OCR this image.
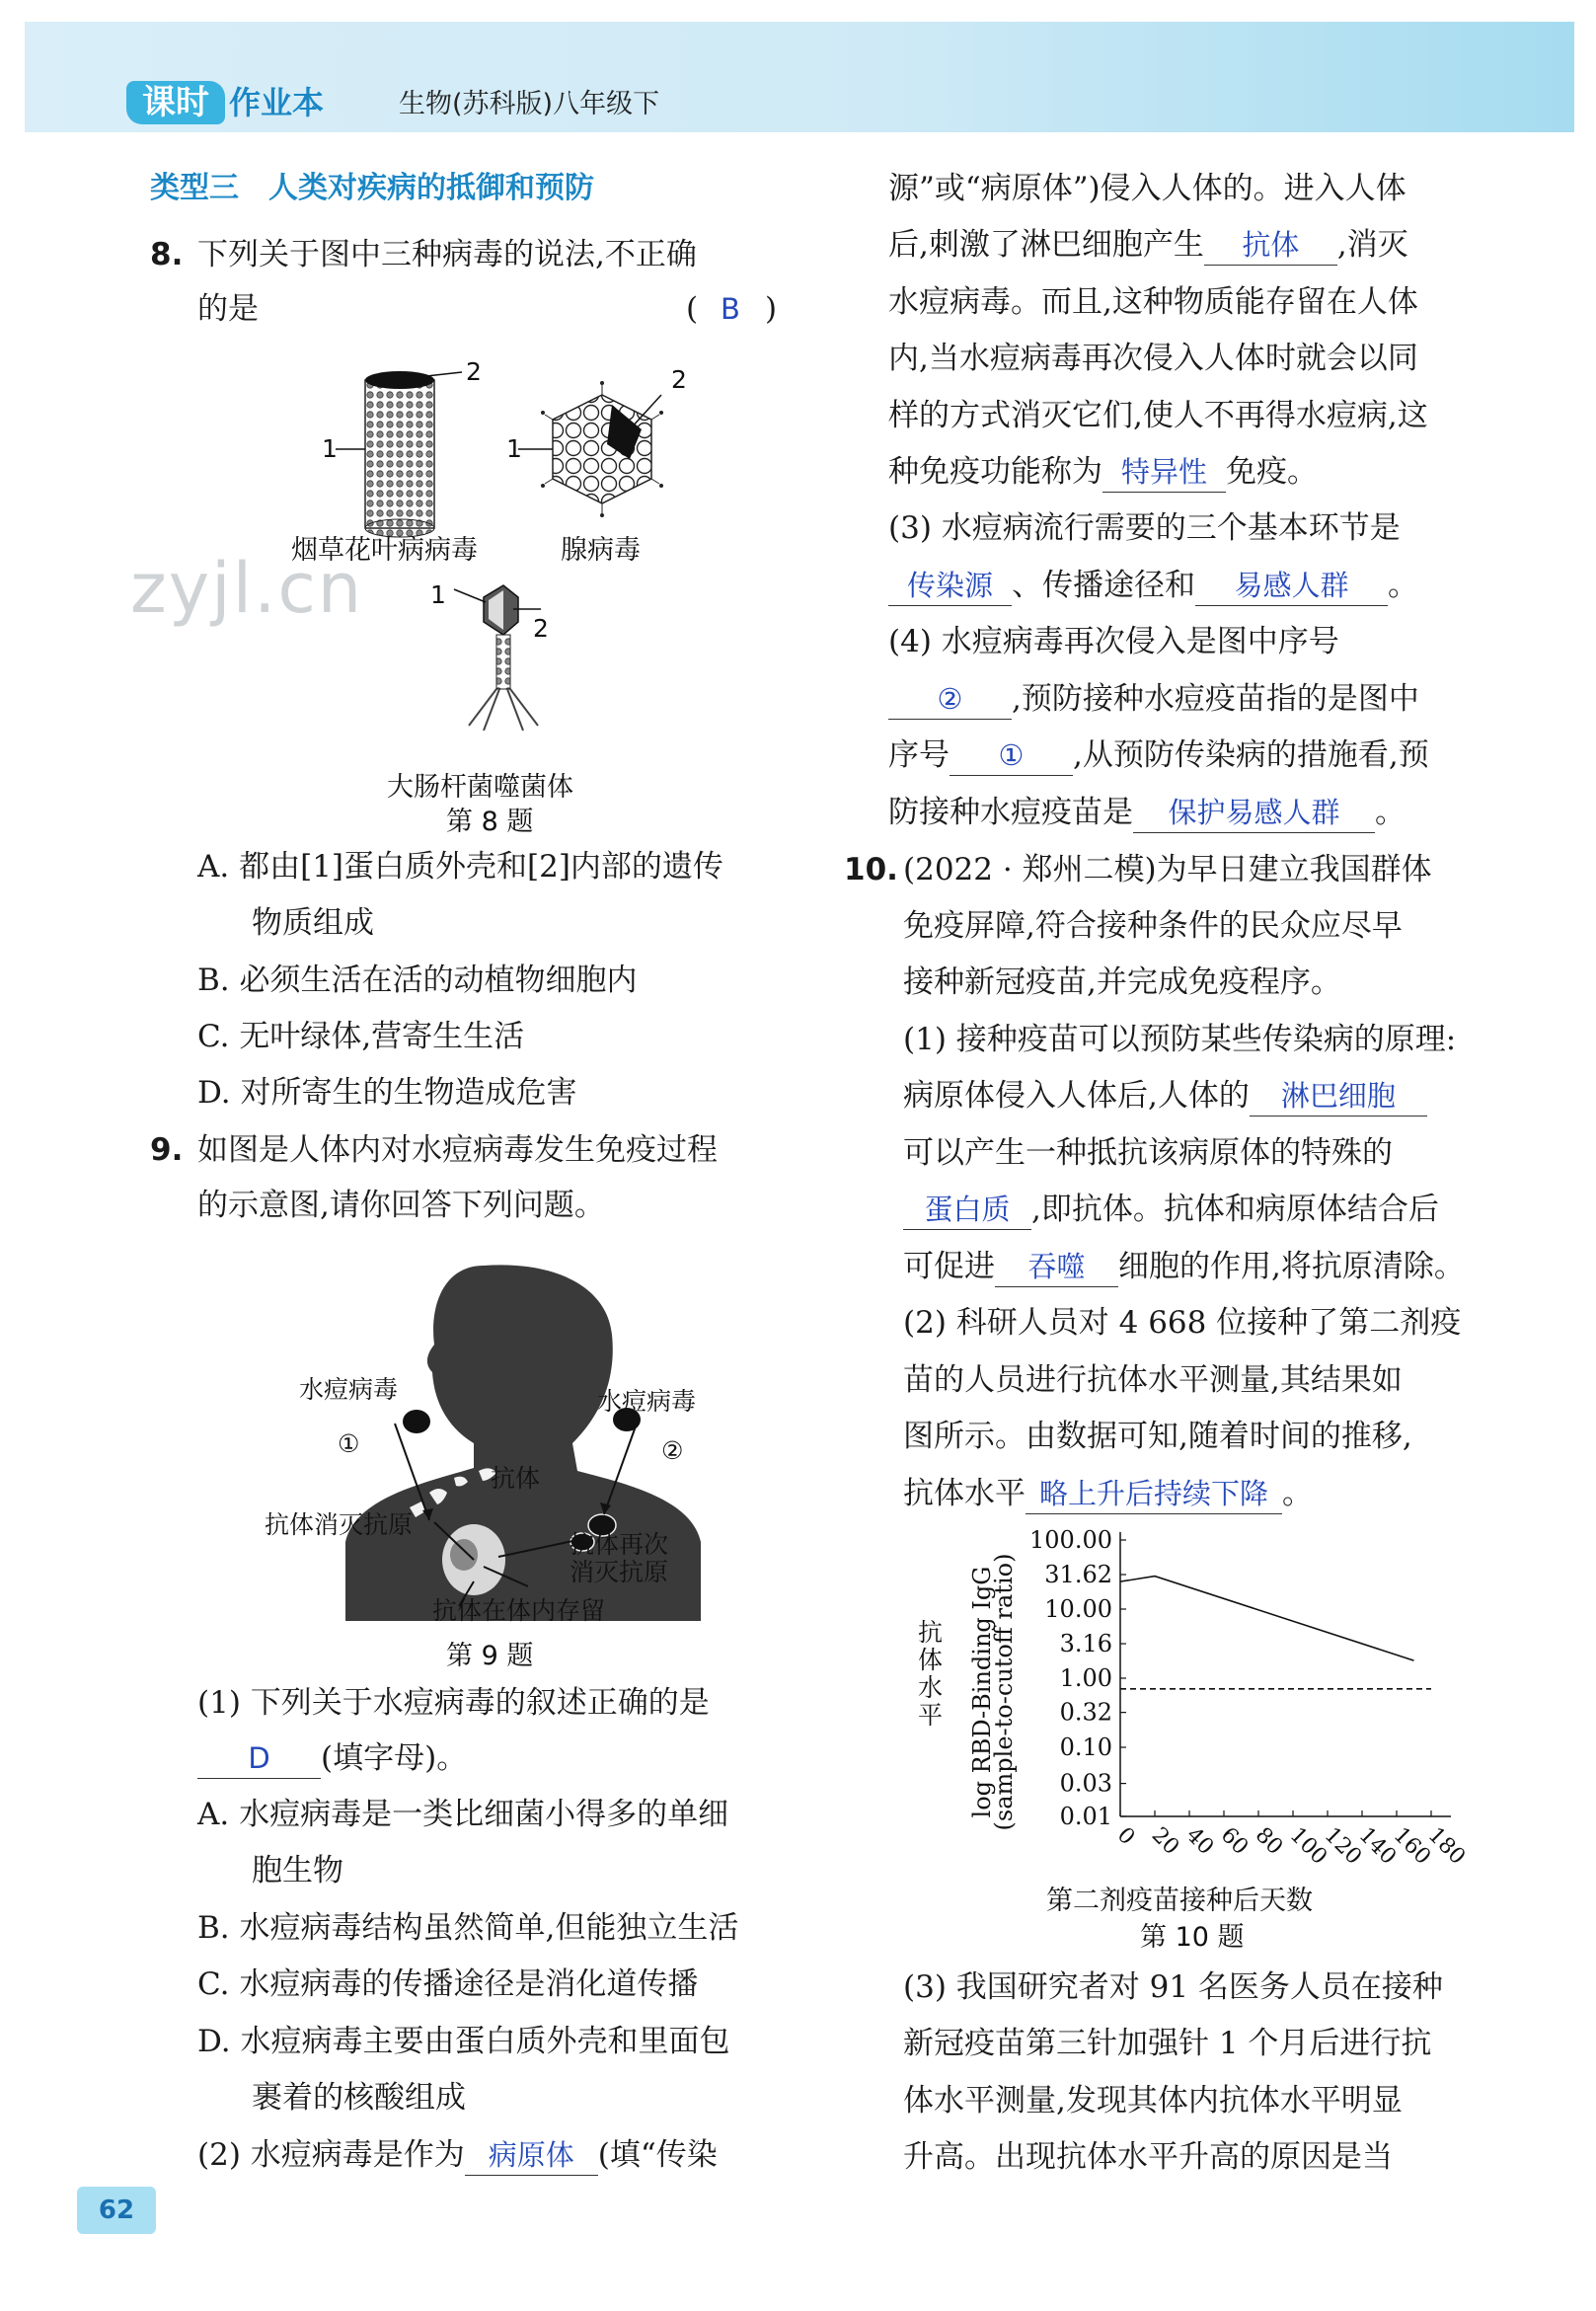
课时 作业本	生物(苏科版)八年级下
zyjl.cn
类型三　人类对疾病的抵御和预防
8. 下列关于图中三种病毒的说法,不正确
的是	( B )
2
1
2
1
1
2
烟草花叶病病毒	腺病毒
大肠杆菌噬菌体
第 8 题
A. 都由[1]蛋白质外壳和[2]内部的遗传
物质组成
B. 必须生活在活的动植物细胞内
C. 无叶绿体,营寄生生活
D. 对所寄生的生物造成危害
9. 如图是人体内对水痘病毒发生免疫过程
的示意图,请你回答下列问题。
水痘病毒	水痘病毒
①	②
抗体
抗体消灭抗原
抗体再次
消灭抗原
抗体在体内存留
第 9 题
(1) 下列关于水痘病毒的叙述正确的是
D (填字母)。
A. 水痘病毒是一类比细菌小得多的单细
胞生物
B. 水痘病毒结构虽然简单,但能独立生活
C. 水痘病毒的传播途径是消化道传播
D. 水痘病毒主要由蛋白质外壳和里面包
裹着的核酸组成
(2) 水痘病毒是作为 病原体 (填“传染
源”或“病原体”)侵入人体的。进入人体
后,刺激了淋巴细胞产生 抗体 ,消灭
水痘病毒。而且,这种物质能存留在人体
内,当水痘病毒再次侵入人体时就会以同
样的方式消灭它们,使人不再得水痘病,这
种免疫功能称为 特异性 免疫。
(3) 水痘病流行需要的三个基本环节是
传染源 、传播途径和 易感人群 。
(4) 水痘病毒再次侵入是图中序号
② ,预防接种水痘疫苗指的是图中
序号 ① ,从预防传染病的措施看,预
防接种水痘疫苗是 保护易感人群 。
10. (2022 · 郑州二模)为早日建立我国群体
免疫屏障,符合接种条件的民众应尽早
接种新冠疫苗,并完成免疫程序。
(1) 接种疫苗可以预防某些传染病的原理:
病原体侵入人体后,人体的 淋巴细胞
可以产生一种抵抗该病原体的特殊的
蛋白质 ,即抗体。抗体和病原体结合后
可促进 吞噬 细胞的作用,将抗原清除。
(2) 科研人员对 4 668 位接种了第二剂疫
苗的人员进行抗体水平测量,其结果如
图所示。由数据可知,随着时间的推移,
抗体水平 略上升后持续下降 。
抗体水平 log RBD-Binding IgG
(sample-to-cutoff ratio)
100.00
31.62
10.00
3.16
1.00
0.32
0.10
0.03
0.01
0 20
40
60
80
100
120
140
160
180
第二剂疫苗接种后天数
第 10 题
(3) 我国研究者对 91 名医务人员在接种
新冠疫苗第三针加强针 1 个月后进行抗
体水平测量,发现其体内抗体水平明显
升高。出现抗体水平升高的原因是当
62
